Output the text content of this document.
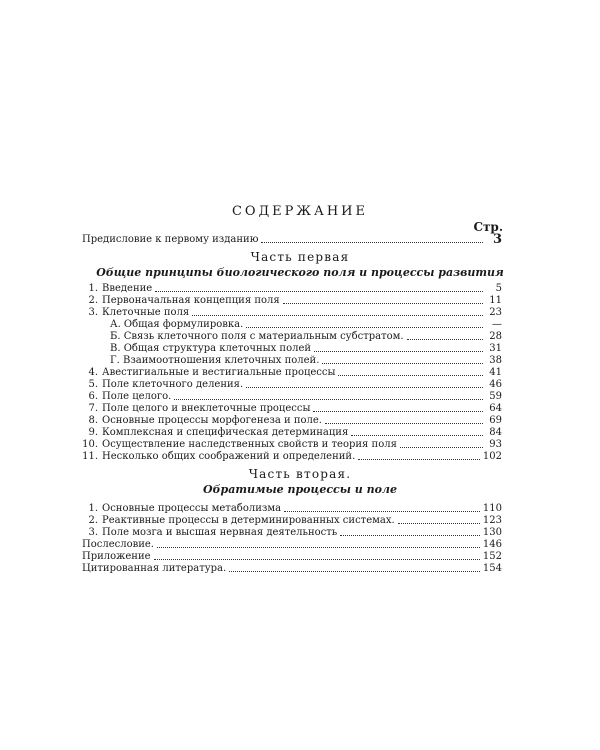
СОДЕРЖАНИЕ
Стр.
Предисловие к первому изданию	3
Часть первая
Общие принципы биологического поля и процессы развития
1. Введение	5
2. Первоначальная концепция поля	11
3. Клеточные поля	23
А. Общая формулировка.	—
Б. Связь клеточного поля с материальным субстратом.	28
В. Общая структура клеточных полей	31
Г. Взаимоотношения клеточных полей.	38
4. Авестигиальные и вестигиальные процессы	41
5. Поле клеточного деления.	46
6. Поле целого.	59
7. Поле целого и внеклеточные процессы	64
8. Основные процессы морфогенеза и поле.	69
9. Комплексная и специфическая детерминация	84
10. Осуществление наследственных свойств и теория поля	93
11. Несколько общих соображений и определений.	102
Часть вторая.
Обратимые процессы и поле
1. Основные процессы метаболизма	110
2. Реактивные процессы в детерминированных системах.	123
3. Поле мозга и высшая нервная деятельность	130
Послесловие.	146
Приложение	152
Цитированная литература.	154
